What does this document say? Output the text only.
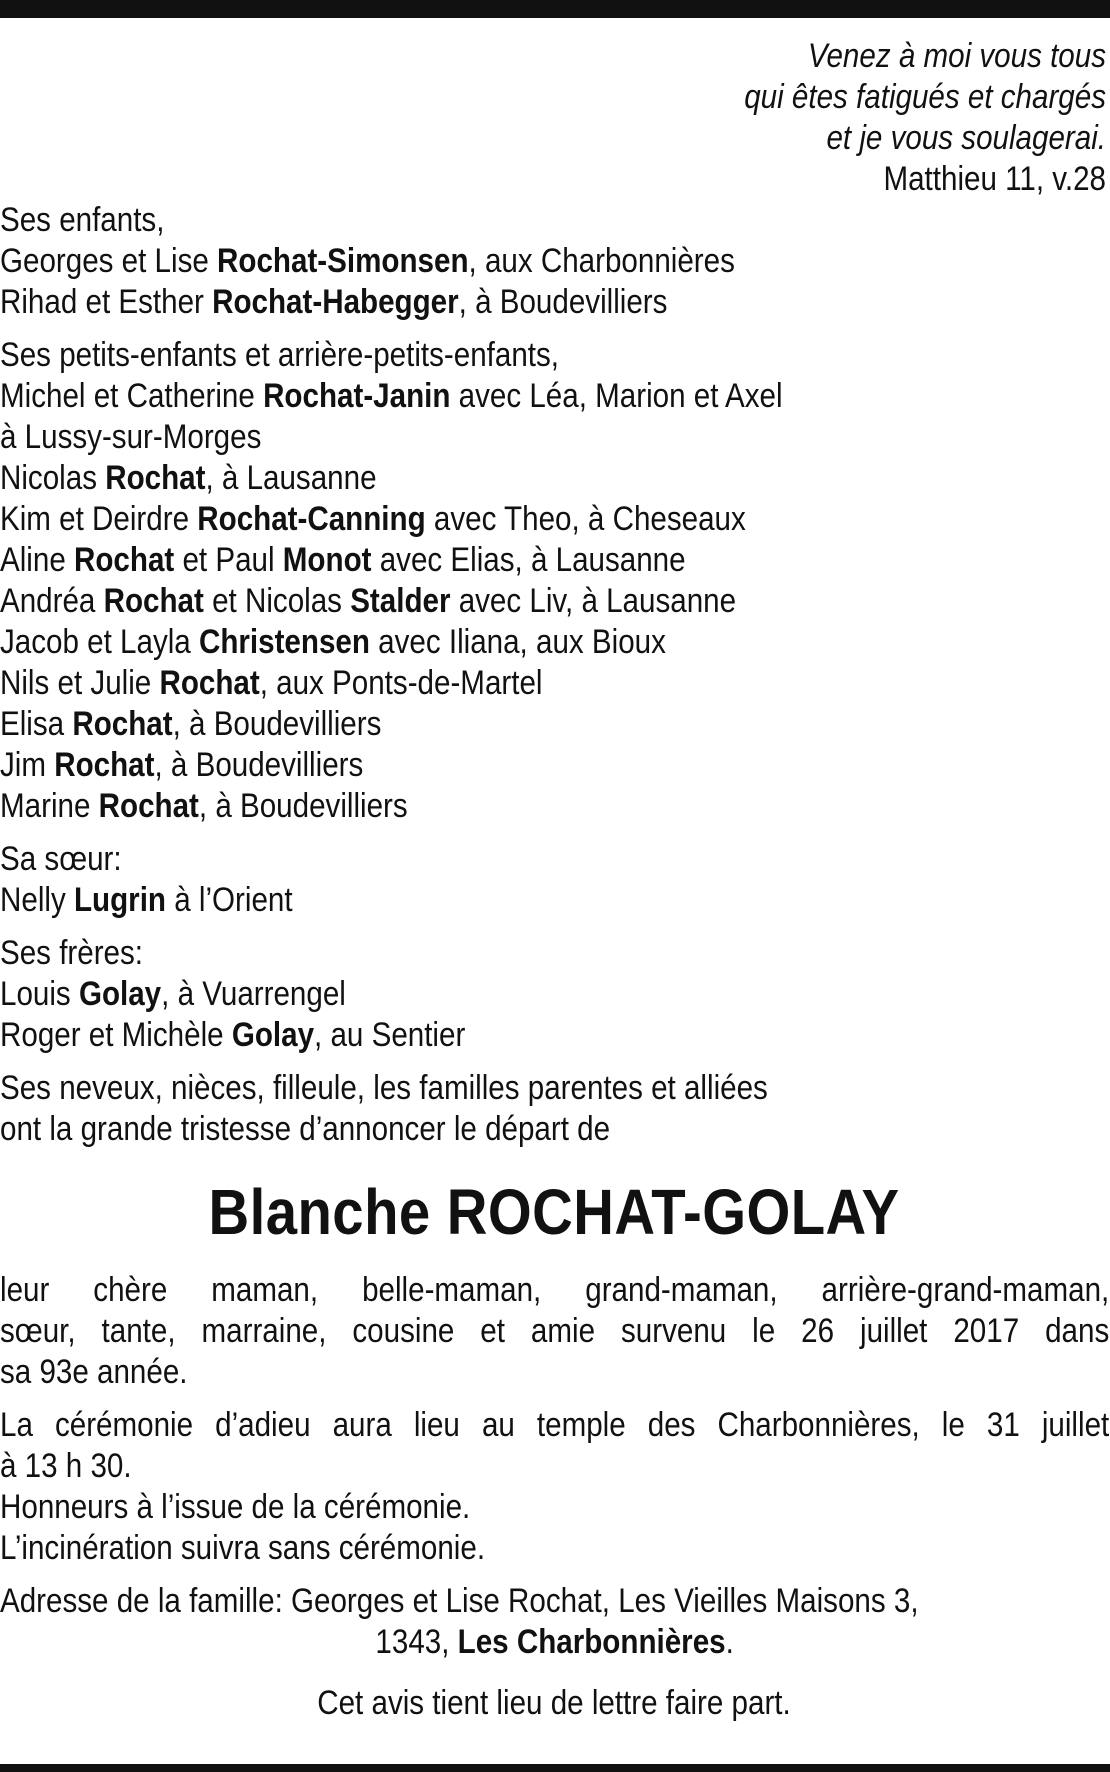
Venez à moi vous tous
qui êtes fatigués et chargés
et je vous soulagerai.
Matthieu 11, v.28
Ses enfants,
Georges et Lise Rochat-Simonsen, aux Charbonnières
Rihad et Esther Rochat-Habegger, à Boudevilliers
Ses petits-enfants et arrière-petits-enfants,
Michel et Catherine Rochat-Janin avec Léa, Marion et Axel
à Lussy-sur-Morges
Nicolas Rochat, à Lausanne
Kim et Deirdre Rochat-Canning avec Theo, à Cheseaux
Aline Rochat et Paul Monot avec Elias, à Lausanne
Andréa Rochat et Nicolas Stalder avec Liv, à Lausanne
Jacob et Layla Christensen avec Iliana, aux Bioux
Nils et Julie Rochat, aux Ponts-de-Martel
Elisa Rochat, à Boudevilliers
Jim Rochat, à Boudevilliers
Marine Rochat, à Boudevilliers
Sa sœur:
Nelly Lugrin à l’Orient
Ses frères:
Louis Golay, à Vuarrengel
Roger et Michèle Golay, au Sentier
Ses neveux, nièces, filleule, les familles parentes et alliées
ont la grande tristesse d’annoncer le départ de
Blanche ROCHAT-GOLAY
leur chère maman, belle-maman, grand-maman, arrière-grand-maman,
sœur, tante, marraine, cousine et amie survenu le 26 juillet 2017 dans
sa 93e année.
La cérémonie d’adieu aura lieu au temple des Charbonnières, le 31 juillet
à 13 h 30.
Honneurs à l’issue de la cérémonie.
L’incinération suivra sans cérémonie.
Adresse de la famille: Georges et Lise Rochat, Les Vieilles Maisons 3,
1343, Les Charbonnières.
Cet avis tient lieu de lettre faire part.
